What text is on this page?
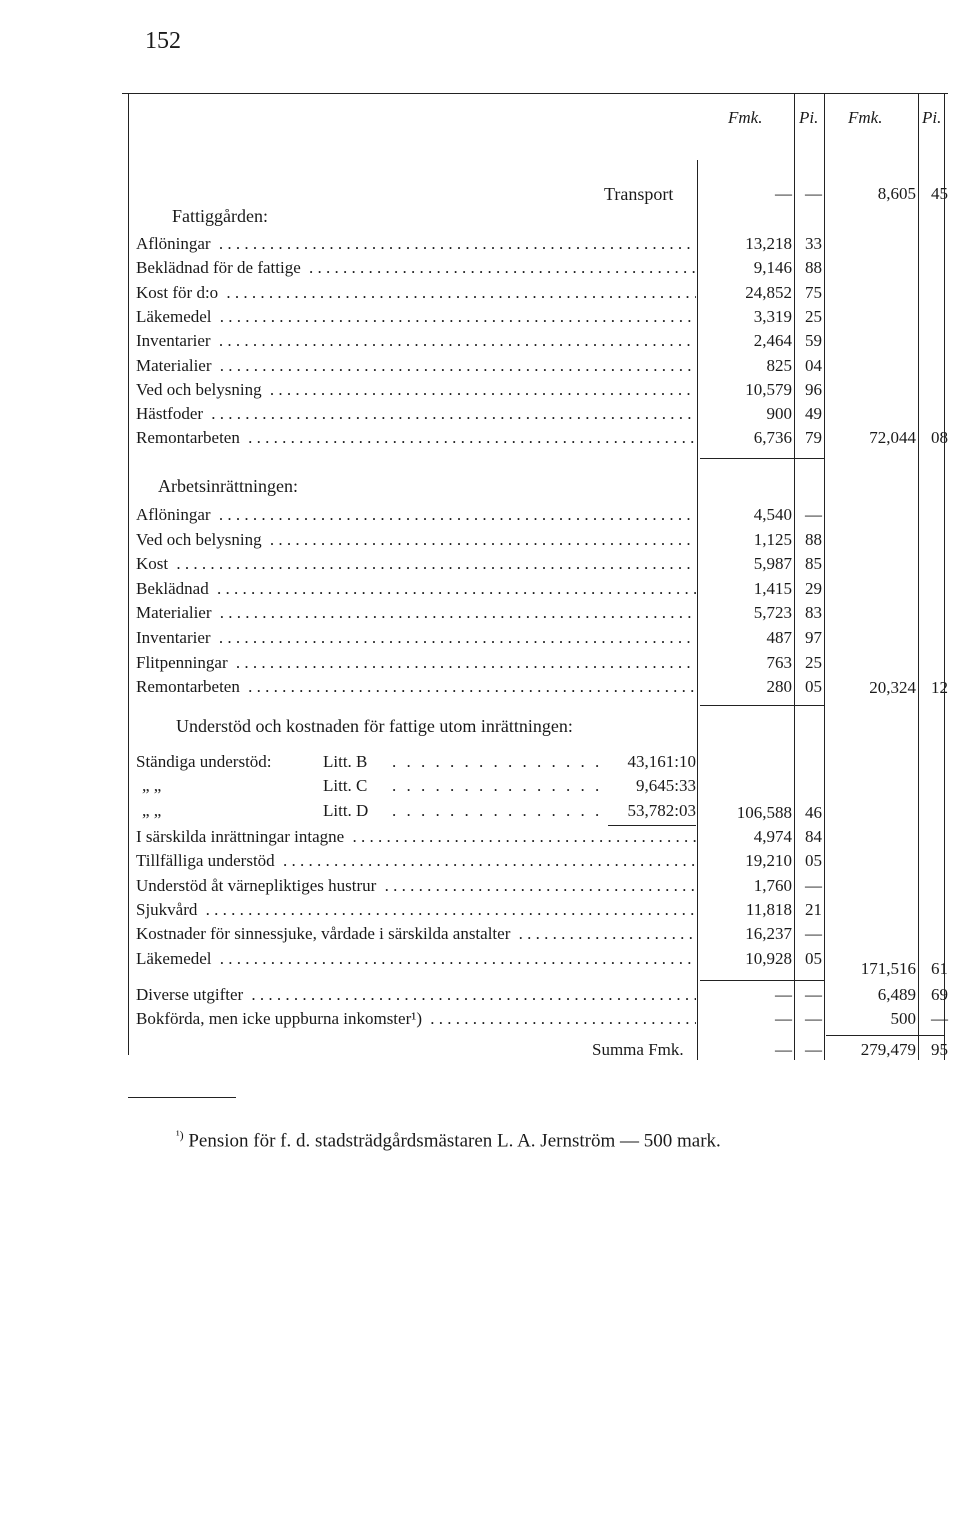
152
Fmk. Pi. Fmk. Pi.
Transport	— —	8,605 45
Fattiggården:
Aflöningar . . .	13,218 33
Beklädnad för de fattige . . .	9,146 88
Kost för d:o . . .	24,852 75
Läkemedel . . .	3,319 25
Inventarier . . .	2,464 59
Materialier . . .	825 04
Ved och belysning . . .	10,579 96
Hästfoder . . .	900 49
Remontarbeten . . .	6,736 79	72,044 08
Arbetsinrättningen:
Aflöningar . . .	4,540 —
Ved och belysning . . .	1,125 88
Kost . . .	5,987 85
Beklädnad . . .	1,415 29
Materialier . . .	5,723 83
Inventarier . . .	487 97
Flitpenningar . . .	763 25
Remontarbeten . . .	280 05	20,324 12
Understöd och kostnaden för fattige utom inrättningen:
Ständiga understöd:	Litt. B . . . . . . . . . . . . . . .	43,161:10
„ „	Litt. C . . . . . . . . . . . . . . .	9,645:33
„ „	Litt. D . . . . . . . . . . . . . . .	53,782:03	106,588 46
I särskilda inrättningar intagne . . .	4,974 84
Tillfälliga understöd . . .	19,210 05
Understöd åt värnepliktiges hustrur . . .	1,760 —
Sjukvård . . .	11,818 21
Kostnader för sinnessjuke, vårdade i särskilda anstalter . . .	16,237 —
Läkemedel . . .	10,928 05
171,516 61
Diverse utgifter . . .	— —	6,489 69
Bokförda, men icke uppburna inkomster¹) . . .	— —	500 —
Summa Fmk.	— —	279,479 95
$^{^1)}$ Pension för f. d. stadsträdgårdsmästaren L. A. Jernström — 500 mark.
